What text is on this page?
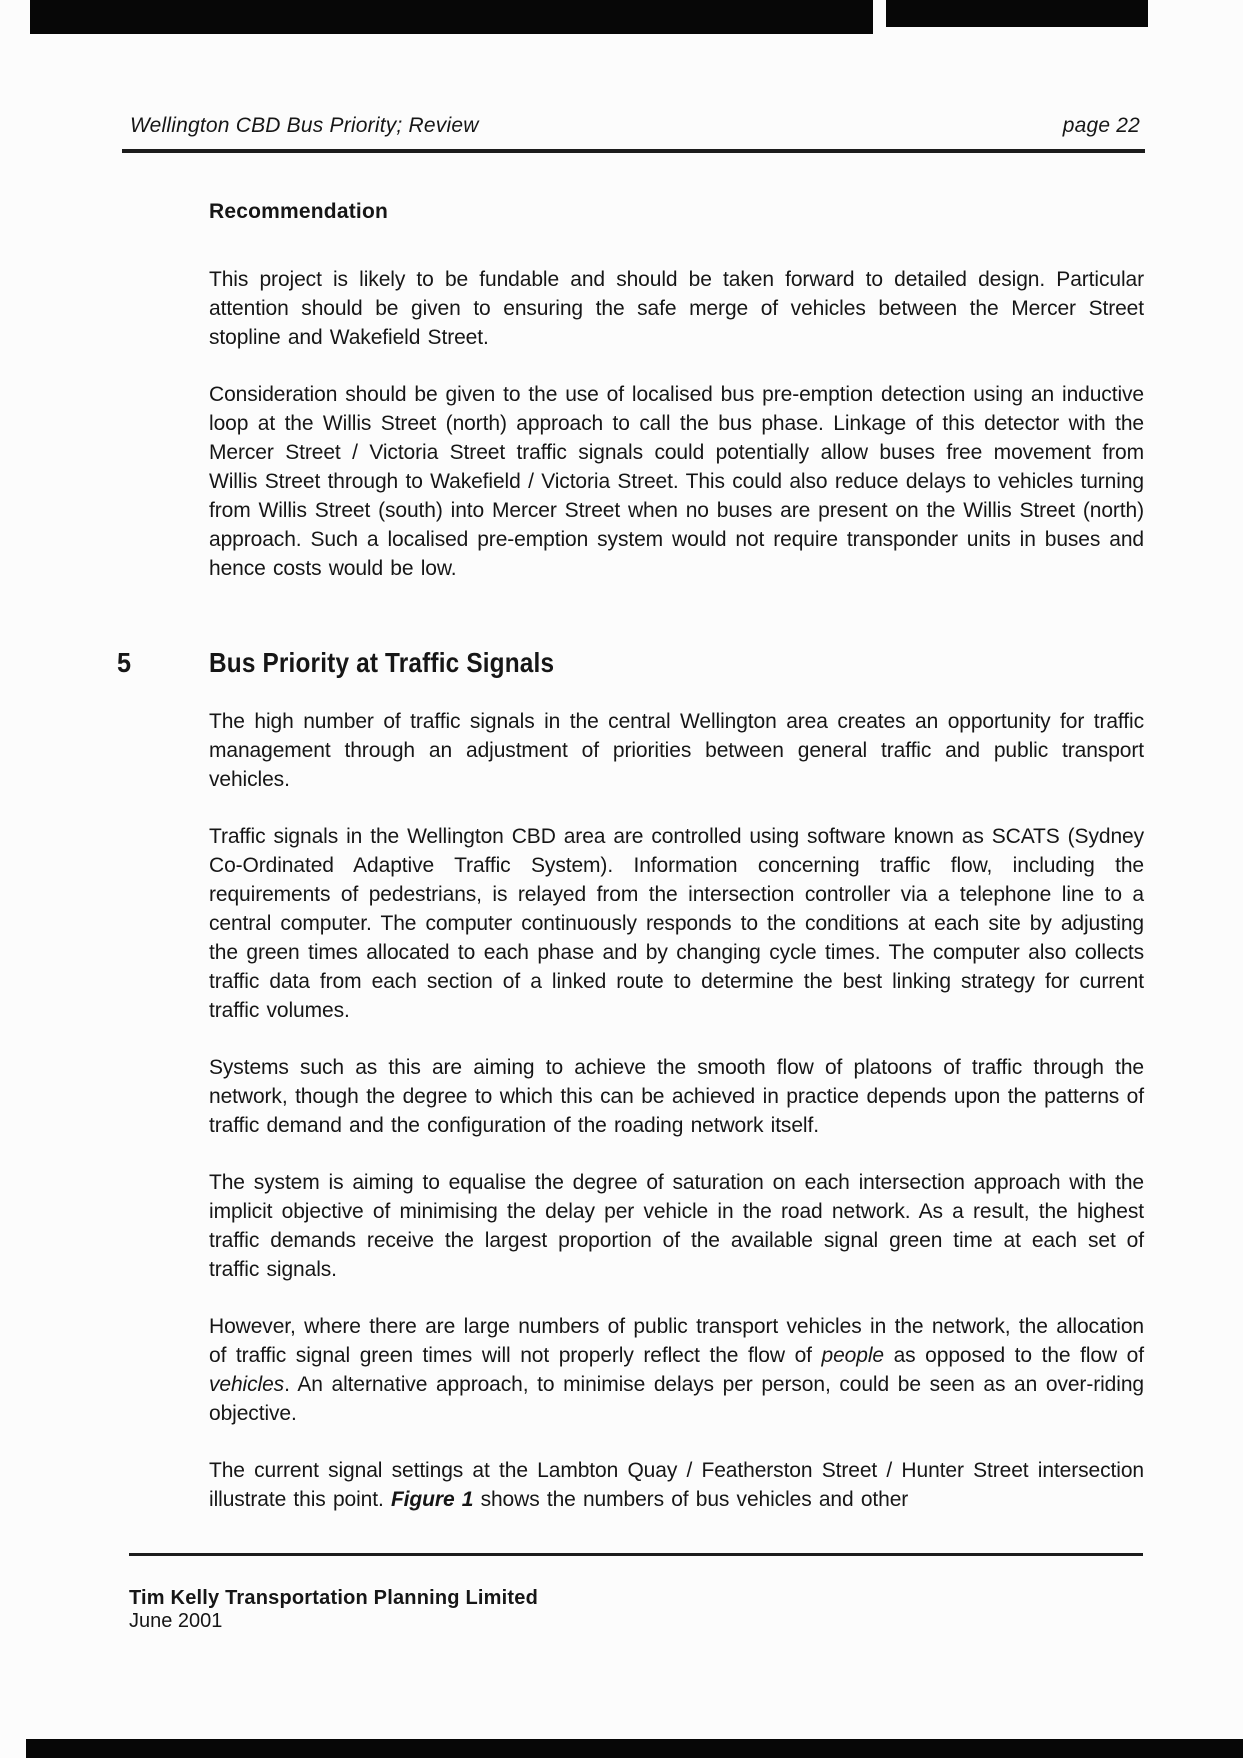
Wellington CBD Bus Priority; Review	page 22
Recommendation

This project is likely to be fundable and should be taken forward to detailed design. Particular attention should be given to ensuring the safe merge of vehicles between the Mercer Street stopline and Wakefield Street.

Consideration should be given to the use of localised bus pre-emption detection using an inductive loop at the Willis Street (north) approach to call the bus phase. Linkage of this detector with the Mercer Street / Victoria Street traffic signals could potentially allow buses free movement from Willis Street through to Wakefield / Victoria Street. This could also reduce delays to vehicles turning from Willis Street (south) into Mercer Street when no buses are present on the Willis Street (north) approach. Such a localised pre-emption system would not require transponder units in buses and hence costs would be low.

5	Bus Priority at Traffic Signals

The high number of traffic signals in the central Wellington area creates an opportunity for traffic management through an adjustment of priorities between general traffic and public transport vehicles.

Traffic signals in the Wellington CBD area are controlled using software known as SCATS (Sydney Co-Ordinated Adaptive Traffic System). Information concerning traffic flow, including the requirements of pedestrians, is relayed from the intersection controller via a telephone line to a central computer. The computer continuously responds to the conditions at each site by adjusting the green times allocated to each phase and by changing cycle times. The computer also collects traffic data from each section of a linked route to determine the best linking strategy for current traffic volumes.

Systems such as this are aiming to achieve the smooth flow of platoons of traffic through the network, though the degree to which this can be achieved in practice depends upon the patterns of traffic demand and the configuration of the roading network itself.

The system is aiming to equalise the degree of saturation on each intersection approach with the implicit objective of minimising the delay per vehicle in the road network. As a result, the highest traffic demands receive the largest proportion of the available signal green time at each set of traffic signals.

However, where there are large numbers of public transport vehicles in the network, the allocation of traffic signal green times will not properly reflect the flow of people as opposed to the flow of vehicles. An alternative approach, to minimise delays per person, could be seen as an over-riding objective.

The current signal settings at the Lambton Quay / Featherston Street / Hunter Street intersection illustrate this point. Figure 1 shows the numbers of bus vehicles and other

Tim Kelly Transportation Planning Limited
June 2001
